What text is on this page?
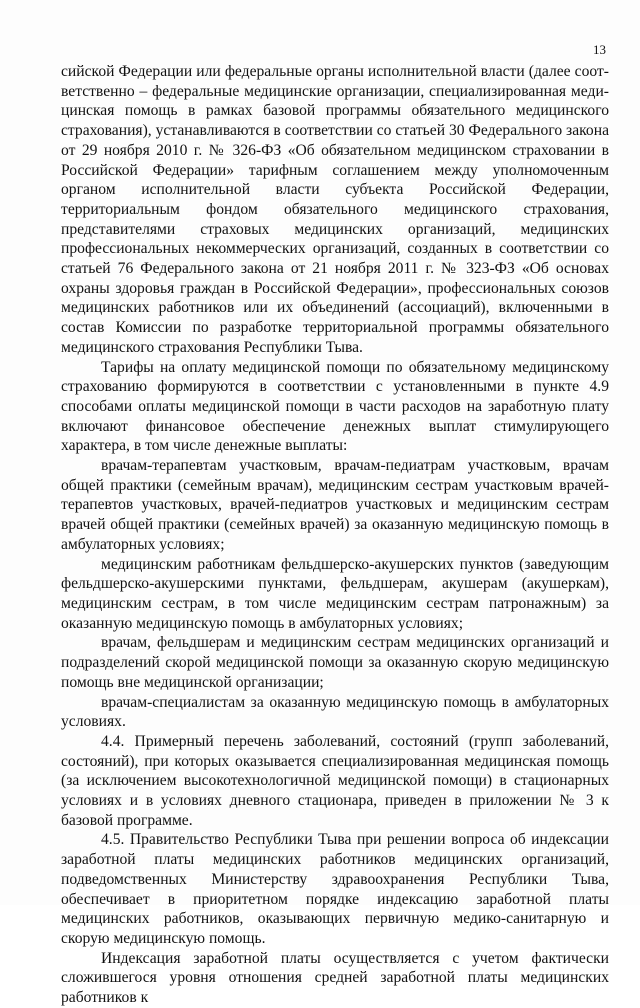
13

сийской Федерации или федеральные органы исполнительной власти (далее соответственно – федеральные медицинские организации, специализированная медицинская помощь в рамках базовой программы обязательного медицинского страхования), устанавливаются в соответствии со статьей 30 Федерального закона от 29 ноября 2010 г. № 326-ФЗ «Об обязательном медицинском страховании в Российской Федерации» тарифным соглашением между уполномоченным органом исполнительной власти субъекта Российской Федерации, территориальным фондом обязательного медицинского страхования, представителями страховых медицинских организаций, медицинских профессиональных некоммерческих организаций, созданных в соответствии со статьей 76 Федерального закона от 21 ноября 2011 г. № 323-ФЗ «Об основах охраны здоровья граждан в Российской Федерации», профессиональных союзов медицинских работников или их объединений (ассоциаций), включенными в состав Комиссии по разработке территориальной программы обязательного медицинского страхования Республики Тыва.

Тарифы на оплату медицинской помощи по обязательному медицинскому страхованию формируются в соответствии с установленными в пункте 4.9 способами оплаты медицинской помощи в части расходов на заработную плату включают финансовое обеспечение денежных выплат стимулирующего характера, в том числе денежные выплаты:

врачам-терапевтам участковым, врачам-педиатрам участковым, врачам общей практики (семейным врачам), медицинским сестрам участковым врачей-терапевтов участковых, врачей-педиатров участковых и медицинским сестрам врачей общей практики (семейных врачей) за оказанную медицинскую помощь в амбулаторных условиях;

медицинским работникам фельдшерско-акушерских пунктов (заведующим фельдшерско-акушерскими пунктами, фельдшерам, акушерам (акушеркам), медицинским сестрам, в том числе медицинским сестрам патронажным) за оказанную медицинскую помощь в амбулаторных условиях;

врачам, фельдшерам и медицинским сестрам медицинских организаций и подразделений скорой медицинской помощи за оказанную скорую медицинскую помощь вне медицинской организации;

врачам-специалистам за оказанную медицинскую помощь в амбулаторных условиях.

4.4. Примерный перечень заболеваний, состояний (групп заболеваний, состояний), при которых оказывается специализированная медицинская помощь (за исключением высокотехнологичной медицинской помощи) в стационарных условиях и в условиях дневного стационара, приведен в приложении № 3 к базовой программе.

4.5. Правительство Республики Тыва при решении вопроса об индексации заработной платы медицинских работников медицинских организаций, подведомственных Министерству здравоохранения Республики Тыва, обеспечивает в приоритетном порядке индексацию заработной платы медицинских работников, оказывающих первичную медико-санитарную и скорую медицинскую помощь.

Индексация заработной платы осуществляется с учетом фактически сложившегося уровня отношения средней заработной платы медицинских работников к
